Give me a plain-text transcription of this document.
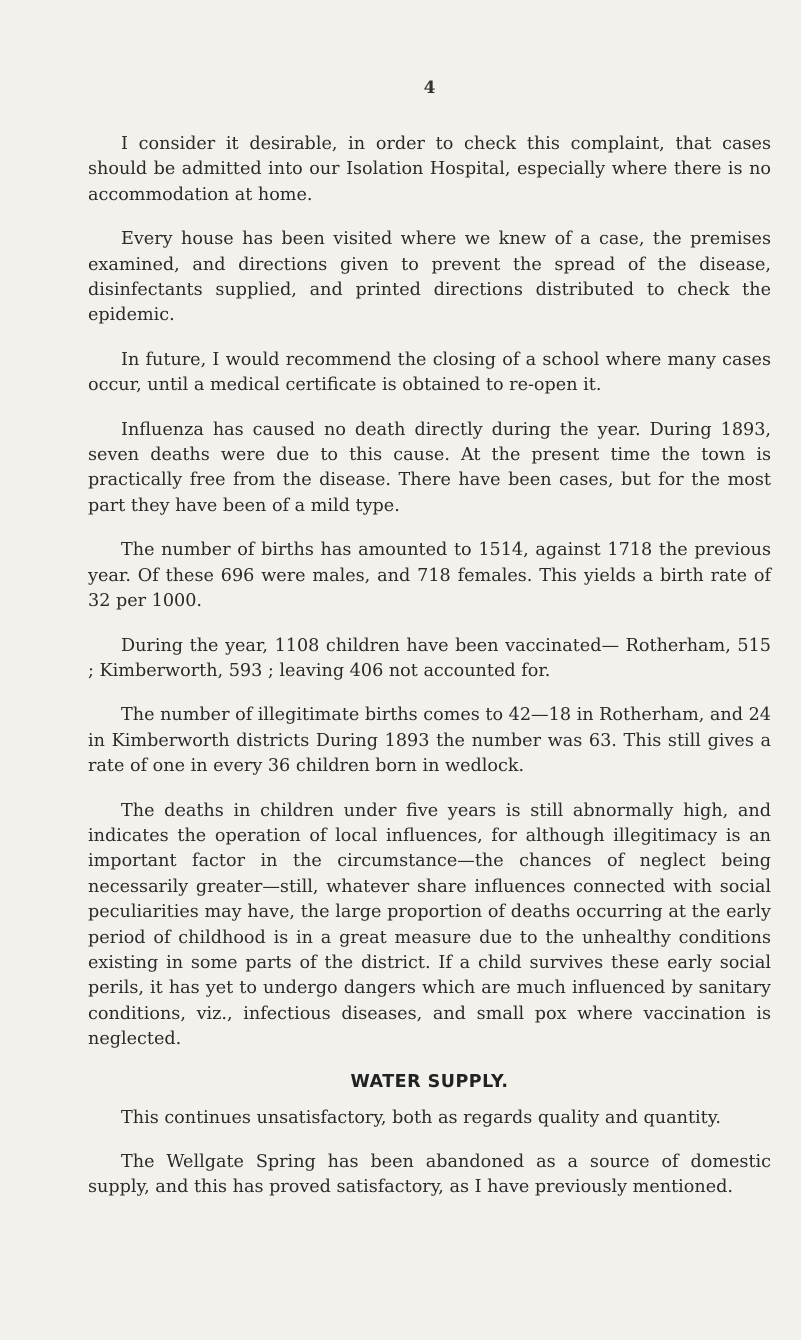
4

I consider it desirable, in order to check this complaint, that cases should be admitted into our Isolation Hospital, especially where there is no accommodation at home.

Every house has been visited where we knew of a case, the premises examined, and directions given to prevent the spread of the disease, disinfectants supplied, and printed directions distributed to check the epidemic.

In future, I would recommend the closing of a school where many cases occur, until a medical certificate is obtained to re-open it.

Influenza has caused no death directly during the year. During 1893, seven deaths were due to this cause. At the present time the town is practically free from the disease. There have been cases, but for the most part they have been of a mild type.

The number of births has amounted to 1514, against 1718 the previous year. Of these 696 were males, and 718 females. This yields a birth rate of 32 per 1000.

During the year, 1108 children have been vaccinated— Rotherham, 515 ; Kimberworth, 593 ; leaving 406 not accounted for.

The number of illegitimate births comes to 42—18 in Rotherham, and 24 in Kimberworth districts During 1893 the number was 63. This still gives a rate of one in every 36 children born in wedlock.

The deaths in children under five years is still abnormally high, and indicates the operation of local influences, for although illegitimacy is an important factor in the circumstance—the chances of neglect being necessarily greater—still, whatever share influences connected with social peculiarities may have, the large proportion of deaths occurring at the early period of childhood is in a great measure due to the unhealthy conditions existing in some parts of the district. If a child survives these early social perils, it has yet to undergo dangers which are much influenced by sanitary conditions, viz., infectious diseases, and small pox where vaccination is neglected.

WATER SUPPLY.

This continues unsatisfactory, both as regards quality and quantity.

The Wellgate Spring has been abandoned as a source of domestic supply, and this has proved satisfactory, as I have previously mentioned.
